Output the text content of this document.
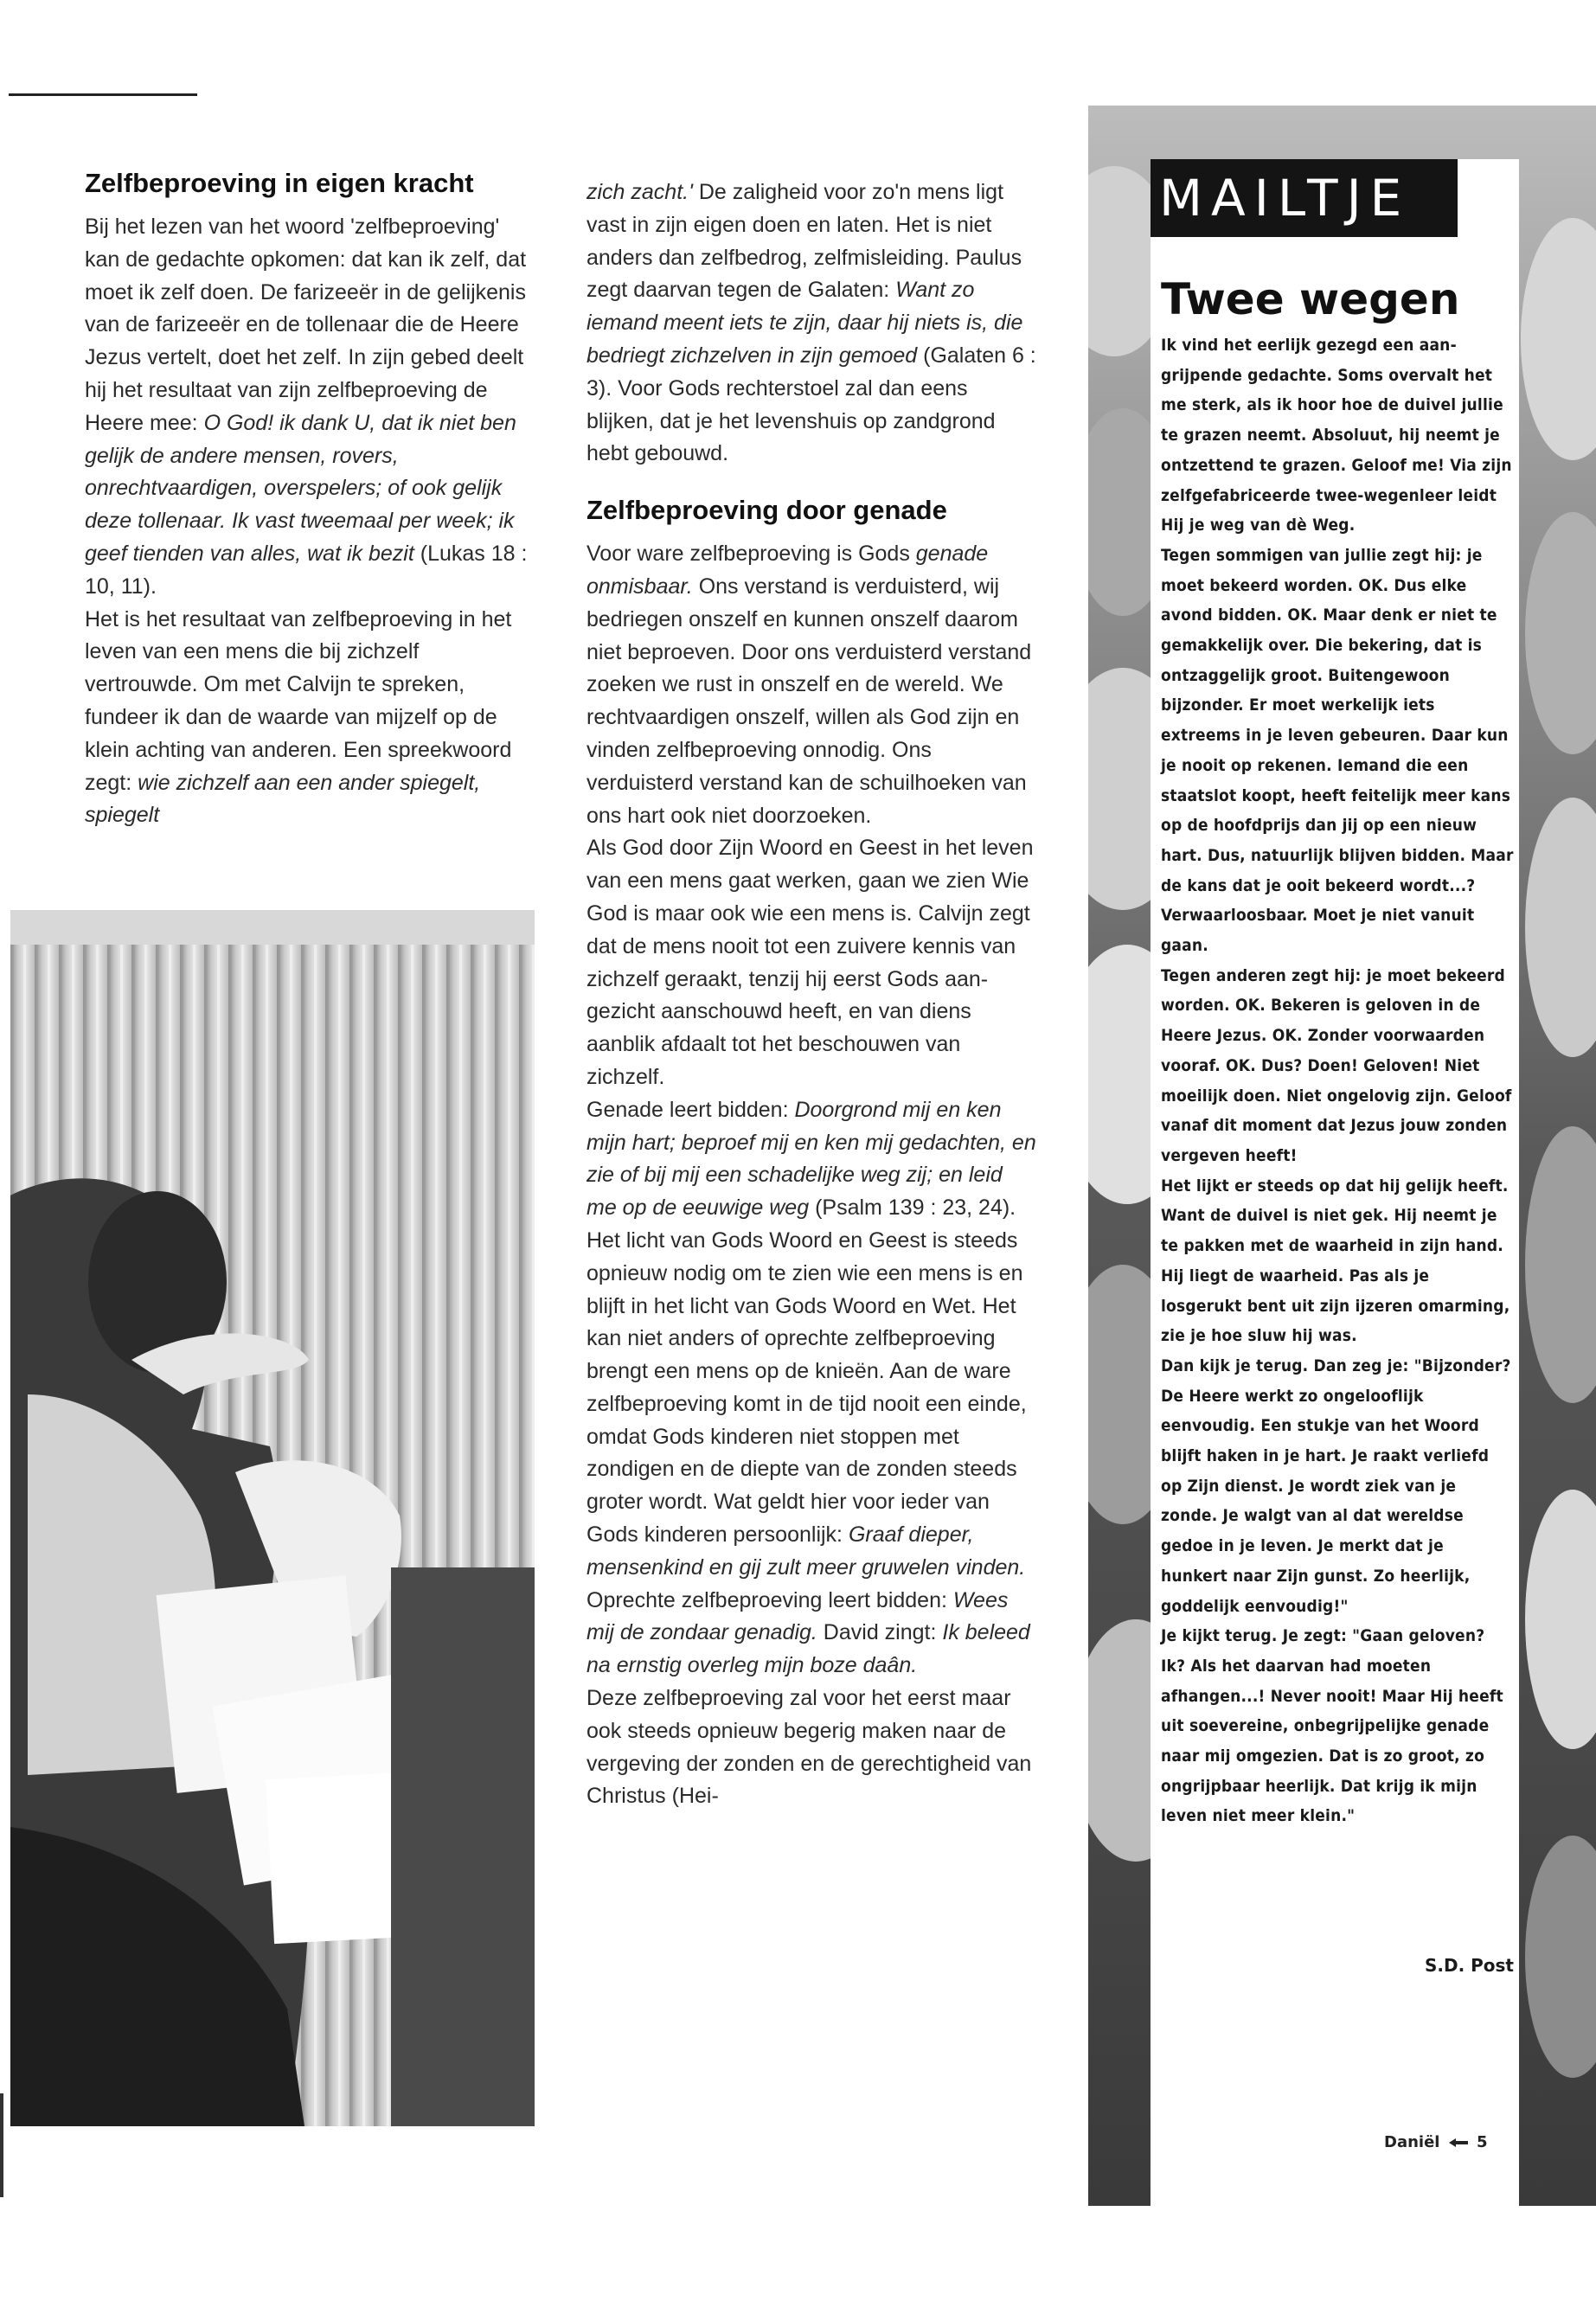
Zelfbeproeving in eigen kracht

Bij het lezen van het woord 'zelfbeproeving' kan de gedachte opkomen: dat kan ik zelf, dat moet ik zelf doen. De farizeeër in de gelijkenis van de farizeeër en de tollenaar die de Heere Jezus vertelt, doet het zelf. In zijn gebed deelt hij het resultaat van zijn zelfbeproeving de Heere mee: O God! ik dank U, dat ik niet ben gelijk de andere mensen, rovers, onrechtvaardigen, overspelers; of ook gelijk deze tollenaar. Ik vast tweemaal per week; ik geef tienden van alles, wat ik bezit (Lukas 18 : 10, 11).

Het is het resultaat van zelfbeproeving in het leven van een mens die bij zichzelf vertrouwde. Om met Calvijn te spreken, fundeer ik dan de waarde van mijzelf op de klein achting van anderen. Een spreekwoord zegt: wie zichzelf aan een ander spiegelt, spiegelt

zich zacht.' De zaligheid voor zo'n mens ligt vast in zijn eigen doen en laten. Het is niet anders dan zelfbedrog, zelfmisleiding. Paulus zegt daarvan tegen de Galaten: Want zo iemand meent iets te zijn, daar hij niets is, die bedriegt zichzelven in zijn gemoed (Galaten 6 : 3). Voor Gods rechterstoel zal dan eens blijken, dat je het levenshuis op zandgrond hebt gebouwd.

Zelfbeproeving door genade

Voor ware zelfbeproeving is Gods genade onmisbaar. Ons verstand is verduisterd, wij bedriegen onszelf en kunnen onszelf daarom niet beproeven. Door ons verduisterd verstand zoeken we rust in onszelf en de wereld. We rechtvaardigen onszelf, willen als God zijn en vinden zelfbeproeving onnodig. Ons verduisterd verstand kan de schuilhoeken van ons hart ook niet doorzoeken.

Als God door Zijn Woord en Geest in het leven van een mens gaat werken, gaan we zien Wie God is maar ook wie een mens is. Calvijn zegt dat de mens nooit tot een zuivere kennis van zichzelf geraakt, tenzij hij eerst Gods aangezicht aanschouwd heeft, en van diens aanblik afdaalt tot het beschouwen van zichzelf.

Genade leert bidden: Doorgrond mij en ken mijn hart; beproef mij en ken mij gedachten, en zie of bij mij een schadelijke weg zij; en leid me op de eeuwige weg (Psalm 139 : 23, 24). Het licht van Gods Woord en Geest is steeds opnieuw nodig om te zien wie een mens is en blijft in het licht van Gods Woord en Wet. Het kan niet anders of oprechte zelfbeproeving brengt een mens op de knieën. Aan de ware zelfbeproeving komt in de tijd nooit een einde, omdat Gods kinderen niet stoppen met zondigen en de diepte van de zonden steeds groter wordt. Wat geldt hier voor ieder van Gods kinderen persoonlijk: Graaf dieper, mensenkind en gij zult meer gruwelen vinden.

Oprechte zelfbeproeving leert bidden: Wees mij de zondaar genadig. David zingt: Ik beleed na ernstig overleg mijn boze daân.

Deze zelfbeproeving zal voor het eerst maar ook steeds opnieuw begerig maken naar de vergeving der zonden en de gerechtigheid van Christus (Hei-

MAILTJE
Twee wegen

Ik vind het eerlijk gezegd een aangrijpende gedachte. Soms overvalt het me sterk, als ik hoor hoe de duivel jullie te grazen neemt. Absoluut, hij neemt je ontzettend te grazen. Geloof me! Via zijn zelfgefabriceerde twee-wegenleer leidt Hij je weg van dè Weg.

Tegen sommigen van jullie zegt hij: je moet bekeerd worden. OK. Dus elke avond bidden. OK. Maar denk er niet te gemakkelijk over. Die bekering, dat is ontzaggelijk groot. Buitengewoon bijzonder. Er moet werkelijk iets extreems in je leven gebeuren. Daar kun je nooit op rekenen. Iemand die een staatslot koopt, heeft feitelijk meer kans op de hoofdprijs dan jij op een nieuw hart. Dus, natuurlijk blijven bidden. Maar de kans dat je ooit bekeerd wordt...? Verwaarloosbaar. Moet je niet vanuit gaan.

Tegen anderen zegt hij: je moet bekeerd worden. OK. Bekeren is geloven in de Heere Jezus. OK. Zonder voorwaarden vooraf. OK. Dus? Doen! Geloven! Niet moeilijk doen. Niet ongelovig zijn. Geloof vanaf dit moment dat Jezus jouw zonden vergeven heeft!

Het lijkt er steeds op dat hij gelijk heeft. Want de duivel is niet gek. Hij neemt je te pakken met de waarheid in zijn hand. Hij liegt de waarheid. Pas als je losgerukt bent uit zijn ijzeren omarming, zie je hoe sluw hij was.

Dan kijk je terug. Dan zeg je: "Bijzonder? De Heere werkt zo ongelooflijk eenvoudig. Een stukje van het Woord blijft haken in je hart. Je raakt verliefd op Zijn dienst. Je wordt ziek van je zonde. Je walgt van al dat wereldse gedoe in je leven. Je merkt dat je hunkert naar Zijn gunst. Zo heerlijk, goddelijk eenvoudig!"

Je kijkt terug. Je zegt: "Gaan geloven? Ik? Als het daarvan had moeten afhangen...! Never nooit! Maar Hij heeft uit soevereine, onbegrijpelijke genade naar mij omgezien. Dat is zo groot, zo ongrijpbaar heerlijk. Dat krijg ik mijn leven niet meer klein."

S.D. Post
Daniël 5
